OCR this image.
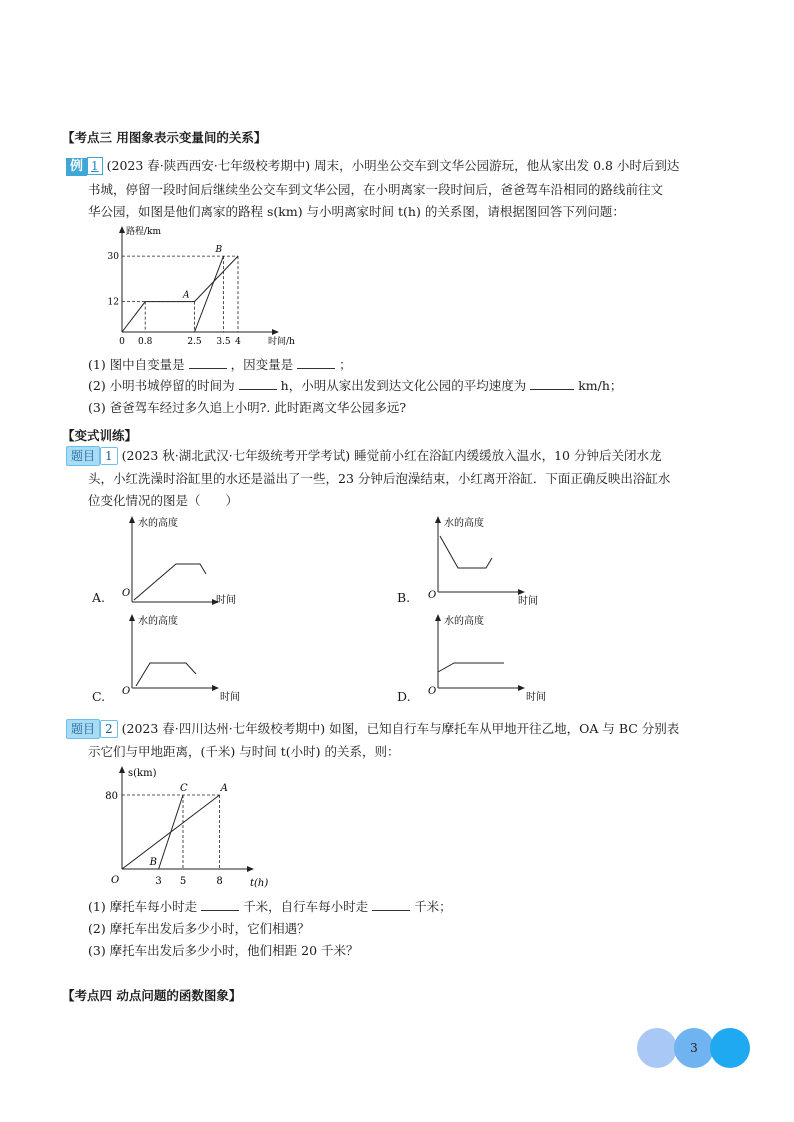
【考点三 用图象表示变量间的关系】
例 1 (2023 春·陕西西安·七年级校考期中) 周末，小明坐公交车到文华公园游玩，他从家出发 0.8 小时后到达
书城，停留一段时间后继续坐公交车到文华公园，在小明离家一段时间后，爸爸驾车沿相同的路线前往文
华公园，如图是他们离家的路程 s(km) 与小明离家时间 t(h) 的关系图，请根据图回答下列问题：
路程/km
时间/h
0 0.8	2.5 3.5 4
12
30
A
B
(1) 图中自变量是	，因变量是	；
(2) 小明书城停留的时间为	h，小明从家出发到达文化公园的平均速度为	km/h；
(3) 爸爸驾车经过多久追上小明?. 此时距离文华公园多远?
【变式训练】
题目 1 (2023 秋·湖北武汉·七年级统考开学考试) 睡觉前小红在浴缸内缓缓放入温水，10 分钟后关闭水龙
头，小红洗澡时浴缸里的水还是溢出了一些，23 分钟后泡澡结束，小红离开浴缸．下面正确反映出浴缸水
位变化情况的图是（　　）
A.
水的高度
O
时间	B.
水的高度
O
时间
C.
水的高度
O
时间	D.
水的高度
O
时间
题目 2 (2023 春·四川达州·七年级校考期中) 如图，已知自行车与摩托车从甲地开往乙地，OA 与 BC 分别表
示它们与甲地距离，(千米) 与时间 t(小时) 的关系，则：
s(km)
t(h)
O	3 5	8
80
A
B
C
(1) 摩托车每小时走	千米，自行车每小时走	千米；
(2) 摩托车出发后多少小时，它们相遇？
(3) 摩托车出发后多少小时，他们相距 20 千米？
【考点四 动点问题的函数图象】
3
